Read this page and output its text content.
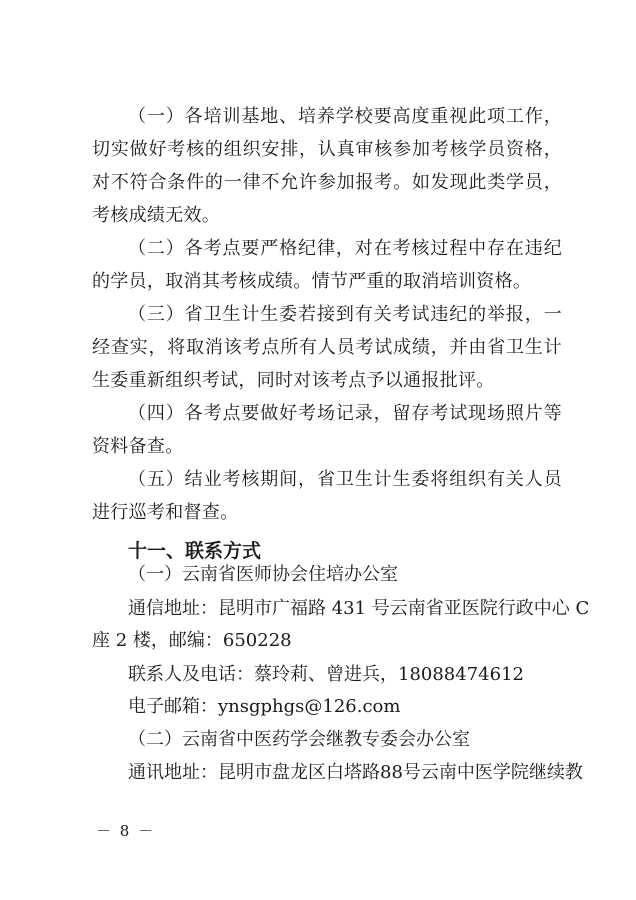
（一）各培训基地、培养学校要高度重视此项工作，切实做好考核的组织安排，认真审核参加考核学员资格，对不符合条件的一律不允许参加报考。如发现此类学员，考核成绩无效。

（二）各考点要严格纪律，对在考核过程中存在违纪的学员，取消其考核成绩。情节严重的取消培训资格。

（三）省卫生计生委若接到有关考试违纪的举报，一经查实，将取消该考点所有人员考试成绩，并由省卫生计生委重新组织考试，同时对该考点予以通报批评。

（四）各考点要做好考场记录，留存考试现场照片等资料备查。

（五）结业考核期间，省卫生计生委将组织有关人员进行巡考和督查。

十一、联系方式

（一）云南省医师协会住培办公室

通信地址：昆明市广福路 431 号云南省亚医院行政中心 C

座 2 楼，邮编：650228

联系人及电话：蔡玲莉、曾进兵，18088474612

电子邮箱：ynsgphgs@126.com

（二）云南省中医药学会继教专委会办公室

通讯地址：昆明市盘龙区白塔路88号云南中医学院继续教

－ 8 －
